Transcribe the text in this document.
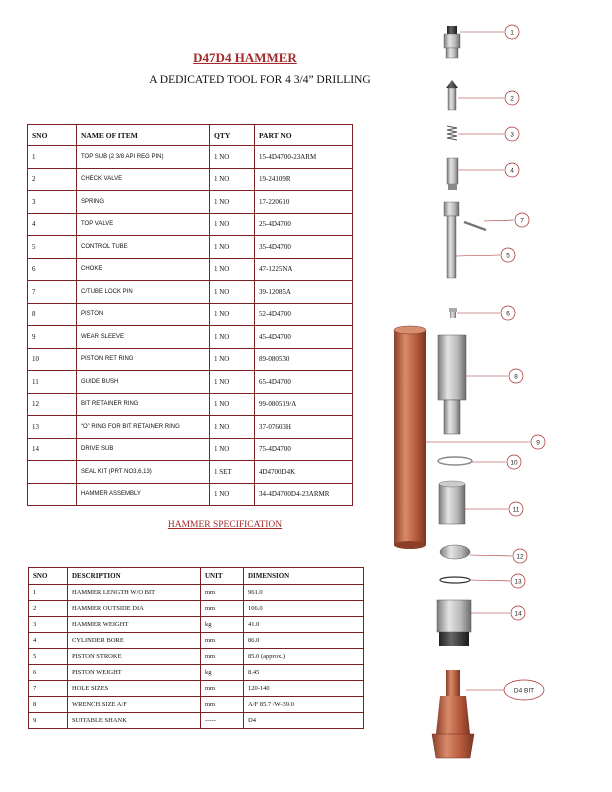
D47D4 HAMMER
A DEDICATED TOOL FOR 4 3/4” DRILLING
SNO	NAME OF ITEM	QTY	PART NO
1	TOP SUB (2 3/8 API REG PIN)	1 NO	15-4D4700-23ARM
2	CHECK VALVE	1 NO	19-24109R
3	SPRING	1 NO	17-220610
4	TOP VALVE	1 NO	25-4D4700
5	CONTROL TUBE	1 NO	35-4D4700
6	CHOKE	1 NO	47-1225NA
7	C/TUBE LOCK PIN	1 NO	39-12085A
8	PISTON	1 NO	52-4D4700
9	WEAR SLEEVE	1 NO	45-4D4700
10	PISTON RET RING	1 NO	89-080530
11	GUIDE BUSH	1 NO	65-4D4700
12	BIT RETAINER RING	1 NO	99-080519/A
13	“O” RING FOR BIT RETAINER RING	1 NO	37-07603H
14	DRIVE SUB	1 NO	75-4D4700
	SEAL KIT (PRT NO3,6,13)	1 SET	4D4700D4K
	HAMMER ASSEMBLY	1 NO	34-4D4700D4-23ARMR
HAMMER SPECIFICATION
SNO	DESCRIPTION	UNIT	DIMENSION
1	HAMMER LENGTH W/O BIT	mm	961.0
2	HAMMER OUTSIDE DIA	mm	106.0
3	HAMMER WEIGHT	kg	41.0
4	CYLINDER BORE	mm	86.0
5	PISTON STROKE	mm	85.0 (approx.)
6	PISTON WEIGHT	kg	8.45
7	HOLE SIZES	mm	120-140
8	WRENCH SIZE A/F	mm	A/F 85.7 /W-39.0
9	SUITABLE SHANK	-----	D4
1
2
3
4
7
5
6
8
9
10
11
12
13
14
D4 BIT
